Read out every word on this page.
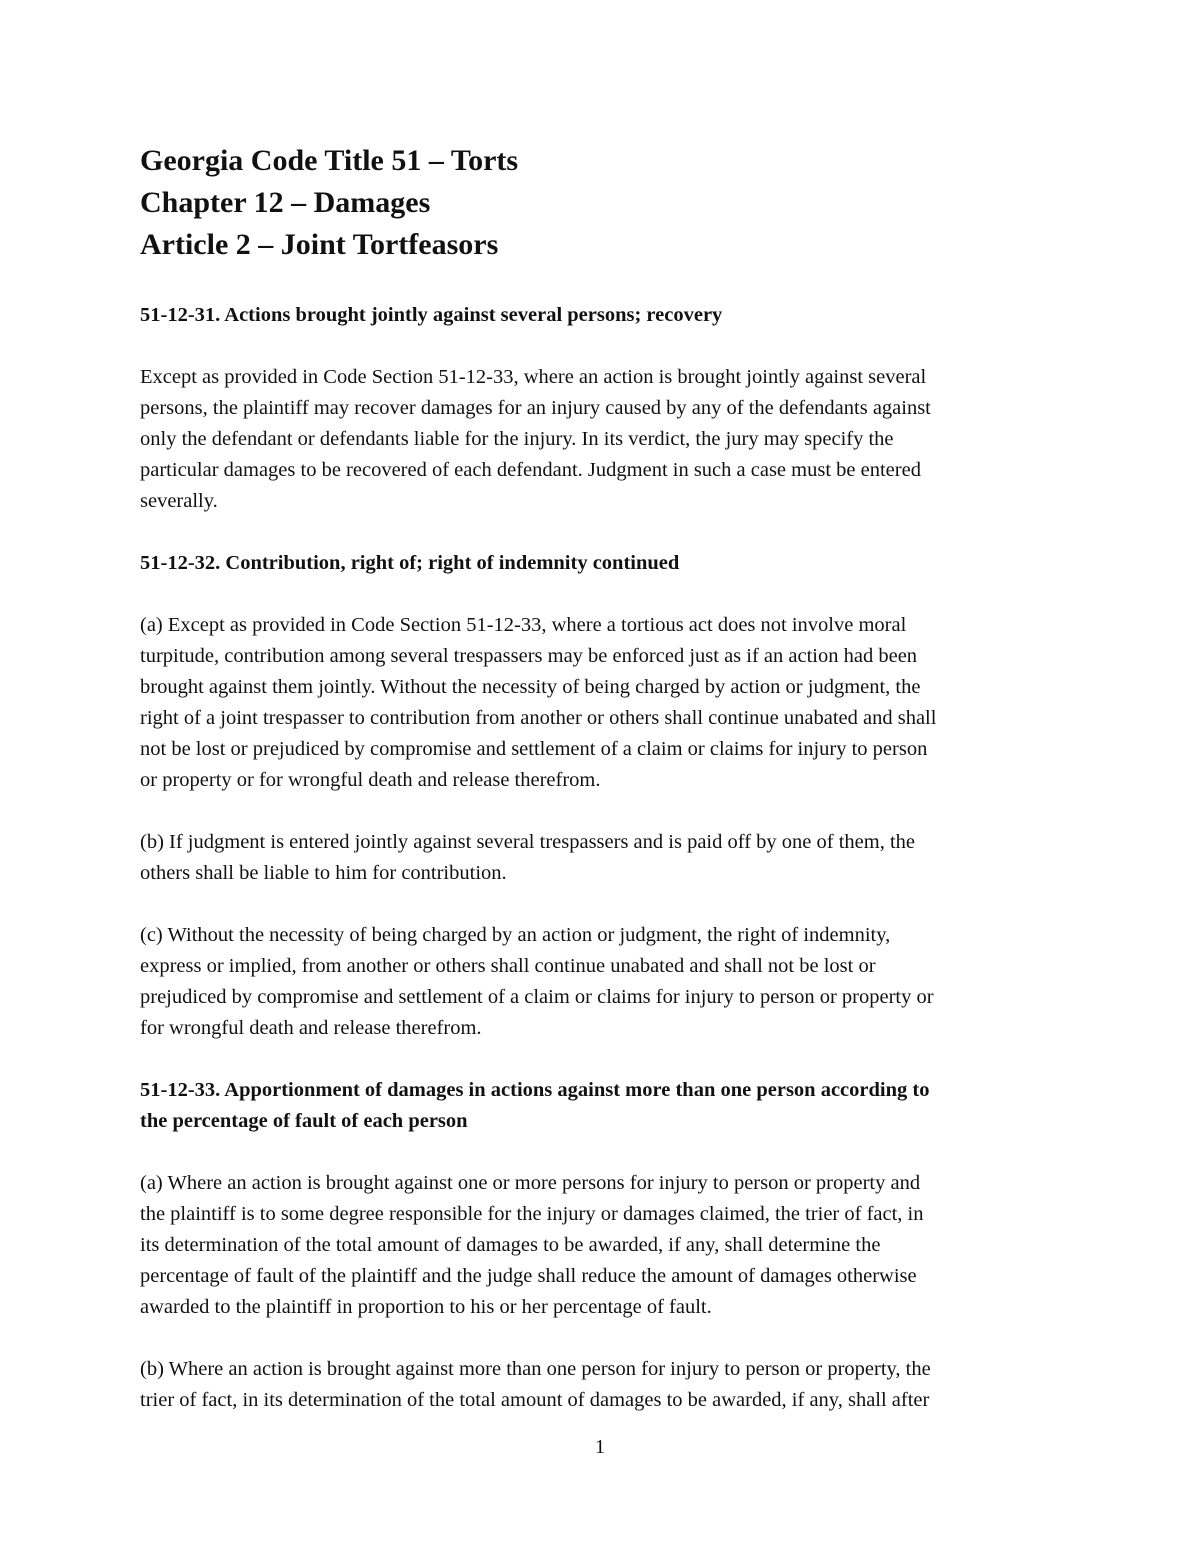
Georgia Code Title 51 – Torts

Chapter 12 – Damages

Article 2 – Joint Tortfeasors

51-12-31. Actions brought jointly against several persons; recovery

Except as provided in Code Section 51-12-33, where an action is brought jointly against several
persons, the plaintiff may recover damages for an injury caused by any of the defendants against
only the defendant or defendants liable for the injury. In its verdict, the jury may specify the
particular damages to be recovered of each defendant. Judgment in such a case must be entered
severally.

51-12-32. Contribution, right of; right of indemnity continued

(a) Except as provided in Code Section 51-12-33, where a tortious act does not involve moral
turpitude, contribution among several trespassers may be enforced just as if an action had been
brought against them jointly. Without the necessity of being charged by action or judgment, the
right of a joint trespasser to contribution from another or others shall continue unabated and shall
not be lost or prejudiced by compromise and settlement of a claim or claims for injury to person
or property or for wrongful death and release therefrom.

(b) If judgment is entered jointly against several trespassers and is paid off by one of them, the
others shall be liable to him for contribution.

(c) Without the necessity of being charged by an action or judgment, the right of indemnity,
express or implied, from another or others shall continue unabated and shall not be lost or
prejudiced by compromise and settlement of a claim or claims for injury to person or property or
for wrongful death and release therefrom.

51-12-33. Apportionment of damages in actions against more than one person according to
the percentage of fault of each person

(a) Where an action is brought against one or more persons for injury to person or property and
the plaintiff is to some degree responsible for the injury or damages claimed, the trier of fact, in
its determination of the total amount of damages to be awarded, if any, shall determine the
percentage of fault of the plaintiff and the judge shall reduce the amount of damages otherwise
awarded to the plaintiff in proportion to his or her percentage of fault.

(b) Where an action is brought against more than one person for injury to person or property, the
trier of fact, in its determination of the total amount of damages to be awarded, if any, shall after

1
